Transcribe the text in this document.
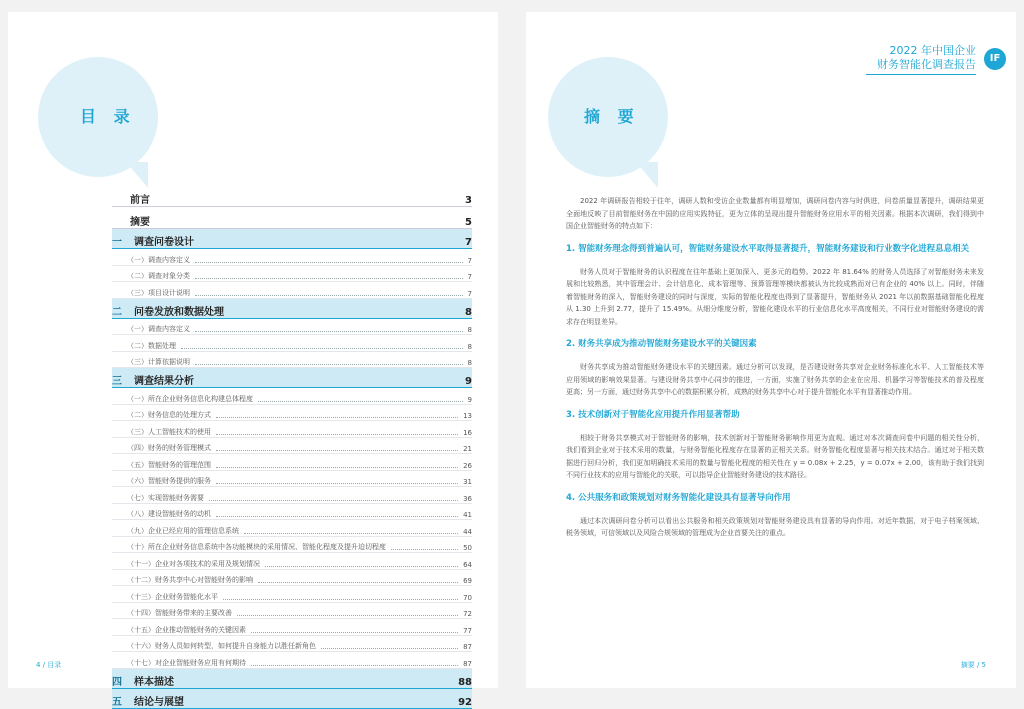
目 录
前言	3
摘要	5
一 调查问卷设计	7
（一）调查内容定义	7
（二）调查对象分类	7
（三）项目设计说明	7
二 问卷发放和数据处理	8
（一）调查内容定义	8
（二）数据处理	8
（三）计算依据说明	8
三 调查结果分析	9
（一）所在企业财务信息化构建总体程度	9
（二）财务信息的处理方式	13
（三）人工智能技术的使用	16
（四）财务的财务管理模式	21
（五）智能财务的管理范围	26
（六）智能财务提供的服务	31
（七）实现智能财务需要	36
（八）建设智能财务的动机	41
（九）企业已经应用的管理信息系统	44
（十）所在企业财务信息系统中各功能模块的采用情况、智能化程度及提升迫切程度	50
（十一）企业对各项技术的采用及规划情况	64
（十二）财务共享中心对智能财务的影响	69
（十三）企业财务智能化水平	70
（十四）智能财务带来的主要改善	72
（十五）企业推动智能财务的关键因素	77
（十六）财务人员如何转型，如何提升自身能力以胜任新角色	87
（十七）对企业智能财务应用有何期待	87
四 样本描述	88
五 结论与展望	92
4 / 目录
2022 年中国企业
财务智能化调查报告	IF
摘 要

2022 年调研报告相较于往年，调研人数和受访企业数量都有明显增加，调研问卷内容与时俱进，问卷质量显著提升，调研结果更全面地反映了目前智能财务在中国的应用实践特征，更为立体的呈现出提升智能财务应用水平的相关因素。根据本次调研，我们得到中国企业智能财务的特点如下：

1. 智能财务理念得到普遍认可，智能财务建设水平取得显著提升，智能财务建设和行业数字化进程息息相关

财务人员对于智能财务的认识程度在往年基础上更加深入、更多元的趋势。2022 年 81.64% 的财务人员选择了对智能财务未来发展和比较熟悉，其中管理会计、会计信息化、成本管理等、预算管理等模块都被认为比较成熟而对已有企业的 40% 以上。同时，伴随着智能财务的深入，智能财务建设的同时与深度，实际的智能化程度也得到了显著提升，智能财务从 2021 年以前数据基础智能化程度从 1.30 上升到 2.77，提升了 15.49%。从细分维度分析，智能化建设水平的行业信息化水平高度相关，不同行业对智能财务建设的需求存在明显差异。

2. 财务共享成为推动智能财务建设水平的关键因素

财务共享成为推动智能财务建设水平的关键因素。通过分析可以发现，是否建设财务共享对企业财务标准化水平、人工智能技术等应用领域的影响效果显著。与建设财务共享中心同步的推进，一方面，实施了财务共享的企业在应用、机器学习等智能技术的普及程度更高；另一方面，通过财务共享中心的数据积累分析，成熟的财务共享中心对于提升智能化水平有显著推动作用。

3. 技术创新对于智能化应用提升作用显著帮助

相较于财务共享模式对于智能财务的影响，技术创新对于智能财务影响作用更为直观。通过对本次调查问卷中问题的相关性分析，我们看到企业对于技术采用的数量，与财务智能化程度存在显著的正相关关系。财务智能化程度显著与相关技术结合。通过对于相关数据进行回归分析，我们更加明确技术采用的数量与智能化程度的相关性在 y = 0.08x + 2.25，y = 0.07x + 2.00，该有助于我们找到不同行业技术的应用与智能化的关联，可以指导企业智能财务建设的技术路径。

4. 公共服务和政策规划对财务智能化建设具有显著导向作用

通过本次调研问卷分析可以看出公共服务和相关政策规划对智能财务建设具有显著的导向作用。对近年数据，对于电子档案领域、税务领域，可信领域以及风险合规领域的管理成为企业首要关注的重点。

摘要 / 5
